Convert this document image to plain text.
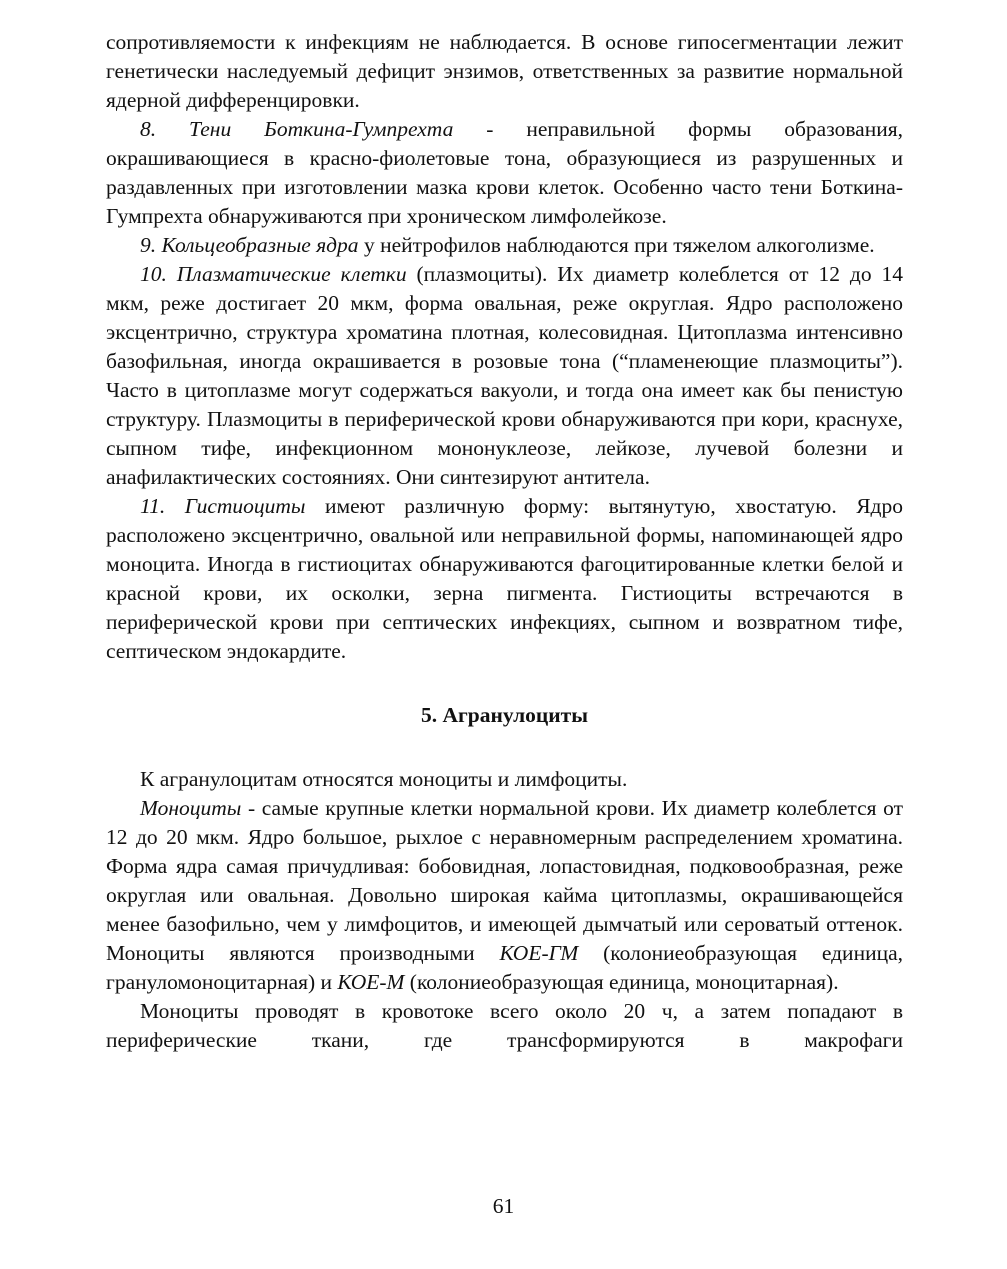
сопротивляемости к инфекциям не наблюдается. В основе гипосегментации лежит генетически наследуемый дефицит энзимов, ответственных за развитие нормальной ядерной дифференцировки.

8. Тени Боткина-Гумпрехта - неправильной формы образования, окрашивающиеся в красно-фиолетовые тона, образующиеся из разрушенных и раздавленных при изготовлении мазка крови клеток. Особенно часто тени Боткина-Гумпрехта обнаруживаются при хроническом лимфолейкозе.

9. Кольцеобразные ядра у нейтрофилов наблюдаются при тяжелом алкоголизме.

10. Плазматические клетки (плазмоциты). Их диаметр колеблется от 12 до 14 мкм, реже достигает 20 мкм, форма овальная, реже округлая. Ядро расположено эксцентрично, структура хроматина плотная, колесовидная. Цитоплазма интенсивно базофильная, иногда окрашивается в розовые тона (“пламенеющие плазмоциты”). Часто в цитоплазме могут содержаться вакуоли, и тогда она имеет как бы пенистую структуру. Плазмоциты в периферической крови обнаруживаются при кори, краснухе, сыпном тифе, инфекционном мононуклеозе, лейкозе, лучевой болезни и анафилактических состояниях. Они синтезируют антитела.

11. Гистиоциты имеют различную форму: вытянутую, хвостатую. Ядро расположено эксцентрично, овальной или неправильной формы, напоминающей ядро моноцита. Иногда в гистиоцитах обнаруживаются фагоцитированные клетки белой и красной крови, их осколки, зерна пигмента. Гистиоциты встречаются в периферической крови при септических инфекциях, сыпном и возвратном тифе, септическом эндокардите.

5. Агранулоциты

К агранулоцитам относятся моноциты и лимфоциты.

Моноциты - самые крупные клетки нормальной крови. Их диаметр колеблется от 12 до 20 мкм. Ядро большое, рыхлое с неравномерным распределением хроматина. Форма ядра самая причудливая: бобовидная, лопастовидная, подковообразная, реже округлая или овальная. Довольно широкая кайма цитоплазмы, окрашивающейся менее базофильно, чем у лимфоцитов, и имеющей дымчатый или сероватый оттенок. Моноциты являются производными КОЕ-ГМ (колониеобразующая единица, грануломоноцитарная) и КОЕ-М (колониеобразующая единица, моноцитарная).

Моноциты проводят в кровотоке всего около 20 ч, а затем попадают в периферические ткани, где трансформируются в макрофаги

61
